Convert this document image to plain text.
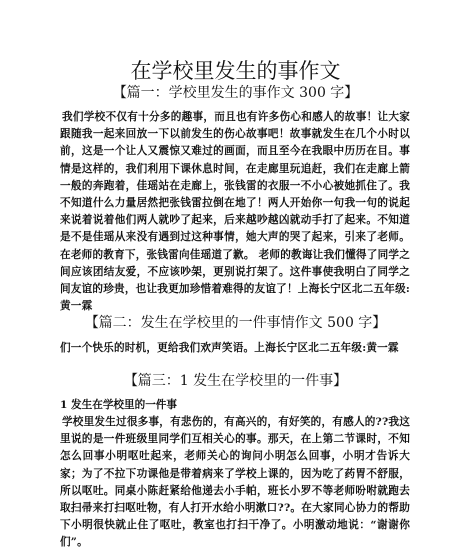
在学校里发生的事作文
【篇一：学校里发生的事作文 300 字】

我们学校不仅有十分多的趣事，而且也有许多伤心和感人的故事！让大家跟随我一起来回放一下以前发生的伤心故事吧！故事就发生在几个小时以前，这是一个让人又震惊又难过的画面，而且至今在我眼中历历在目。事情是这样的，我们利用下课休息时间，在走廊里玩追赶，我们在走廊上箭一般的奔跑着，佳瑶站在走廊上，张钱雷的衣服一不小心被她抓住了。我不知道什么力量居然把张钱雷拉倒在地了！两人开始你一句我一句的说起来说着说着他们两人就吵了起来，后来越吵越凶就动手打了起来。不知道是不是佳瑶从来没有遇到过这种事情，她大声的哭了起来，引来了老师。在老师的教育下，张钱雷向佳瑶道了歉。 老师的教诲让我们懂得了同学之间应该团结友爱，不应该吵架，更别说打架了。这件事使我明白了同学之间友谊的珍贵，也让我更加珍惜着难得的友谊了！上海长宁区北二五年级:黄一霖

【篇二：发生在学校里的一件事情作文 500 字】

们一个快乐的时机，更给我们欢声笑语。上海长宁区北二五年级:黄一霖

【篇三：1 发生在学校里的一件事】

1 发生在学校里的一件事

学校里发生过很多事，有悲伤的，有高兴的，有好笑的，有感人的??我这里说的是一件班级里同学们互相关心的事。那天，在上第二节课时，不知怎么回事小明呕吐起来，老师关心的询问小明怎么回事，小明才告诉大家；为了不拉下功课他是带着病来了学校上课的，因为吃了药胃不舒服，所以呕吐。同桌小陈赶紧给他递去小手帕，班长小罗不等老师吩咐就跑去取扫帚来打扫呕吐物，有人打开水给小明漱口??。在大家同心协力的帮助下小明很快就止住了呕吐，教室也打扫干净了。小明激动地说：“谢谢你们”。
